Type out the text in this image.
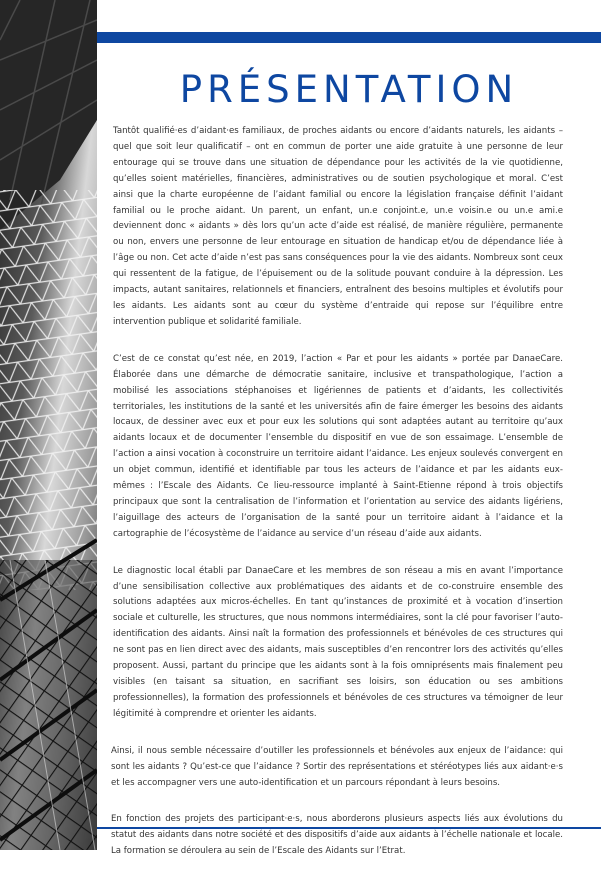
PRÉSENTATION

Tantôt qualifié·es d’aidant·es familiaux, de proches aidants ou encore d’aidants naturels, les aidants – quel que soit leur qualificatif – ont en commun de porter une aide gratuite à une personne de leur entourage qui se trouve dans une situation de dépendance pour les activités de la vie quotidienne, qu’elles soient matérielles, financières, administratives ou de soutien psychologique et moral. C’est ainsi que la charte européenne de l’aidant familial ou encore la législation française définit l’aidant familial ou le proche aidant. Un parent, un enfant, un.e conjoint.e, un.e voisin.e ou un.e ami.e deviennent donc « aidants » dès lors qu’un acte d’aide est réalisé, de manière régulière, permanente ou non, envers une personne de leur entourage en situation de handicap et/ou de dépendance liée à l’âge ou non. Cet acte d’aide n’est pas sans conséquences pour la vie des aidants. Nombreux sont ceux qui ressentent de la fatigue, de l’épuisement ou de la solitude pouvant conduire à la dépression. Les impacts, autant sanitaires, relationnels et financiers, entraînent des besoins multiples et évolutifs pour les aidants. Les aidants sont au cœur du système d’entraide qui repose sur l’équilibre entre intervention publique et solidarité familiale.

C’est de ce constat qu’est née, en 2019, l’action « Par et pour les aidants » portée par DanaeCare. Élaborée dans une démarche de démocratie sanitaire, inclusive et transpathologique, l’action a mobilisé les associations stéphanoises et ligériennes de patients et d’aidants, les collectivités territoriales, les institutions de la santé et les universités afin de faire émerger les besoins des aidants locaux, de dessiner avec eux et pour eux les solutions qui sont adaptées autant au territoire qu’aux aidants locaux et de documenter l’ensemble du dispositif en vue de son essaimage. L’ensemble de l’action a ainsi vocation à coconstruire un territoire aidant l’aidance. Les enjeux soulevés convergent en un objet commun, identifié et identifiable par tous les acteurs de l’aidance et par les aidants eux-mêmes : l’Escale des Aidants. Ce lieu-ressource implanté à Saint-Etienne répond à trois objectifs principaux que sont la centralisation de l’information et l’orientation au service des aidants ligériens, l’aiguillage des acteurs de l’organisation de la santé pour un territoire aidant à l’aidance et la cartographie de l’écosystème de l’aidance au service d’un réseau d’aide aux aidants.

Le diagnostic local établi par DanaeCare et les membres de son réseau a mis en avant l’importance d’une sensibilisation collective aux problématiques des aidants et de co-construire ensemble des solutions adaptées aux micros-échelles. En tant qu’instances de proximité et à vocation d’insertion sociale et culturelle, les structures, que nous nommons intermédiaires, sont la clé pour favoriser l’auto-identification des aidants. Ainsi naît la formation des professionnels et bénévoles de ces structures qui ne sont pas en lien direct avec des aidants, mais susceptibles d’en rencontrer lors des activités qu’elles proposent. Aussi, partant du principe que les aidants sont à la fois omniprésents mais finalement peu visibles (en taisant sa situation, en sacrifiant ses loisirs, son éducation ou ses ambitions professionnelles), la formation des professionnels et bénévoles de ces structures va témoigner de leur légitimité à comprendre et orienter les aidants.

Ainsi, il nous semble nécessaire d’outiller les professionnels et bénévoles aux enjeux de l’aidance: qui sont les aidants ? Qu’est-ce que l’aidance ? Sortir des représentations et stéréotypes liés aux aidant·e·s et les accompagner vers une auto-identification et un parcours répondant à leurs besoins.

En fonction des projets des participant·e·s, nous aborderons plusieurs aspects liés aux évolutions du statut des aidants dans notre société et des dispositifs d’aide aux aidants à l’échelle nationale et locale. La formation se déroulera au sein de l’Escale des Aidants sur l’Etrat.
